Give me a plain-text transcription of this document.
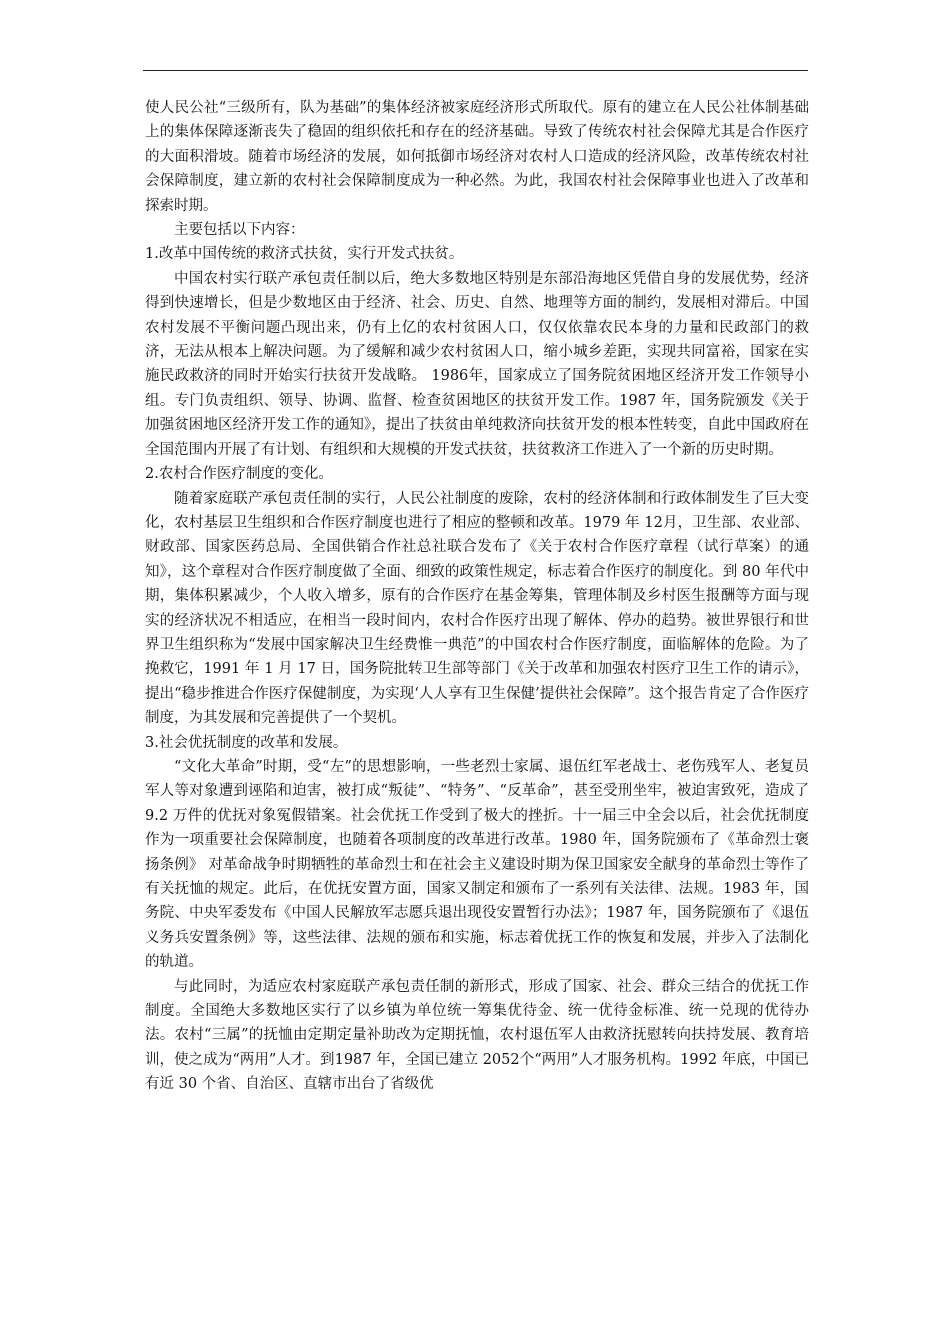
使人民公社“三级所有，队为基础”的集体经济被家庭经济形式所取代。原有的建立在人民公社体制基础上的集体保障逐渐丧失了稳固的组织依托和存在的经济基础。导致了传统农村社会保障尤其是合作医疗的大面积滑坡。随着市场经济的发展，如何抵御市场经济对农村人口造成的经济风险，改革传统农村社会保障制度，建立新的农村社会保障制度成为一种必然。为此，我国农村社会保障事业也进入了改革和探索时期。

主要包括以下内容：

1.改革中国传统的救济式扶贫，实行开发式扶贫。

中国农村实行联产承包责任制以后，绝大多数地区特别是东部沿海地区凭借自身的发展优势，经济得到快速增长，但是少数地区由于经济、社会、历史、自然、地理等方面的制约，发展相对滞后。中国农村发展不平衡问题凸现出来，仍有上亿的农村贫困人口，仅仅依靠农民本身的力量和民政部门的救济，无法从根本上解决问题。为了缓解和减少农村贫困人口，缩小城乡差距，实现共同富裕，国家在实施民政救济的同时开始实行扶贫开发战略。 1986年，国家成立了国务院贫困地区经济开发工作领导小组。专门负责组织、领导、协调、监督、检查贫困地区的扶贫开发工作。1987 年，国务院颁发《关于加强贫困地区经济开发工作的通知》，提出了扶贫由单纯救济向扶贫开发的根本性转变，自此中国政府在全国范围内开展了有计划、有组织和大规模的开发式扶贫，扶贫救济工作进入了一个新的历史时期。

2.农村合作医疗制度的变化。

随着家庭联产承包责任制的实行，人民公社制度的废除，农村的经济体制和行政体制发生了巨大变化，农村基层卫生组织和合作医疗制度也进行了相应的整顿和改革。1979 年 12月，卫生部、农业部、财政部、国家医药总局、全国供销合作社总社联合发布了《关于农村合作医疗章程（试行草案）的通知》，这个章程对合作医疗制度做了全面、细致的政策性规定，标志着合作医疗的制度化。到 80 年代中期，集体积累减少，个人收入增多，原有的合作医疗在基金筹集，管理体制及乡村医生报酬等方面与现实的经济状况不相适应，在相当一段时间内，农村合作医疗出现了解体、停办的趋势。被世界银行和世界卫生组织称为“发展中国家解决卫生经费惟一典范”的中国农村合作医疗制度，面临解体的危险。为了挽救它，1991 年 1 月 17 日，国务院批转卫生部等部门《关于改革和加强农村医疗卫生工作的请示》，提出“稳步推进合作医疗保健制度，为实现‘人人享有卫生保健’提供社会保障”。这个报告肯定了合作医疗制度，为其发展和完善提供了一个契机。

3.社会优抚制度的改革和发展。

“文化大革命”时期，受“左”的思想影响，一些老烈士家属、退伍红军老战士、老伤残军人、老复员军人等对象遭到诬陷和迫害，被打成“叛徒”、“特务”、“反革命”，甚至受刑坐牢，被迫害致死，造成了9.2 万件的优抚对象冤假错案。社会优抚工作受到了极大的挫折。十一届三中全会以后，社会优抚制度作为一项重要社会保障制度，也随着各项制度的改革进行改革。1980 年，国务院颁布了《革命烈士褒扬条例》 对革命战争时期牺牲的革命烈士和在社会主义建设时期为保卫国家安全献身的革命烈士等作了有关抚恤的规定。此后，在优抚安置方面，国家又制定和颁布了一系列有关法律、法规。1983 年，国务院、中央军委发布《中国人民解放军志愿兵退出现役安置暂行办法》；1987 年，国务院颁布了《退伍义务兵安置条例》等，这些法律、法规的颁布和实施，标志着优抚工作的恢复和发展，并步入了法制化的轨道。

与此同时，为适应农村家庭联产承包责任制的新形式，形成了国家、社会、群众三结合的优抚工作制度。全国绝大多数地区实行了以乡镇为单位统一筹集优待金、统一优待金标准、统一兑现的优待办法。农村“三属”的抚恤由定期定量补助改为定期抚恤，农村退伍军人由救济抚慰转向扶持发展、教育培训，使之成为“两用”人才。到1987 年，全国已建立 2052个“两用”人才服务机构。1992 年底，中国已有近 30 个省、自治区、直辖市出台了省级优
